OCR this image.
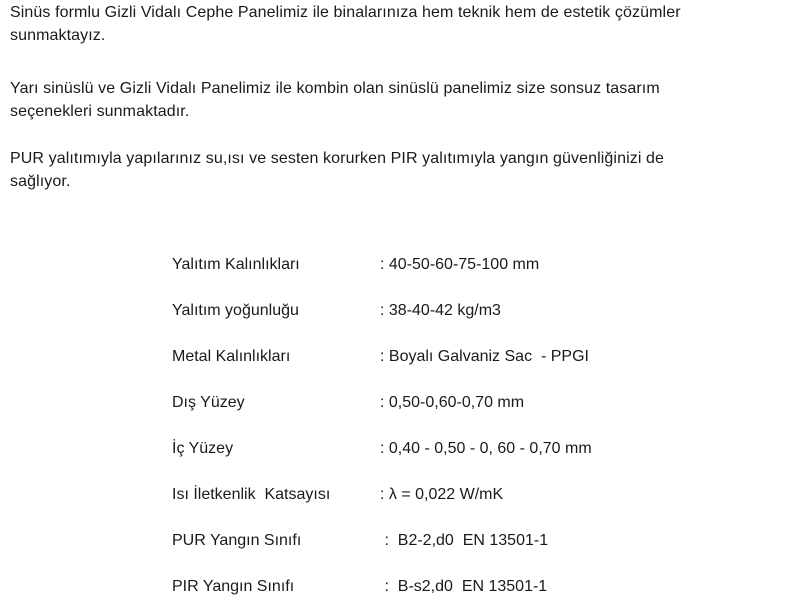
Sinüs formlu Gizli Vidalı Cephe Panelimiz ile binalarınıza hem teknik hem de estetik çözümler
sunmaktayız.

Yarı sinüslü ve Gizli Vidalı Panelimiz ile kombin olan sinüslü panelimiz size sonsuz tasarım
seçenekleri sunmaktadır.

PUR yalıtımıyla yapılarınız su,ısı ve sesten korurken PIR yalıtımıyla yangın güvenliğinizi de
sağlıyor.

Yalıtım Kalınlıkları	: 40-50-60-75-100 mm
Yalıtım yoğunluğu	: 38-40-42 kg/m3
Metal Kalınlıkları	: Boyalı Galvaniz Sac  - PPGI
Dış Yüzey	: 0,50-0,60-0,70 mm
İç Yüzey	: 0,40 - 0,50 - 0, 60 - 0,70 mm
Isı İletkenlik  Katsayısı	: λ = 0,022 W/mK
PUR Yangın Sınıfı	:  B2-2,d0  EN 13501-1
PIR Yangın Sınıfı	:  B-s2,d0  EN 13501-1
